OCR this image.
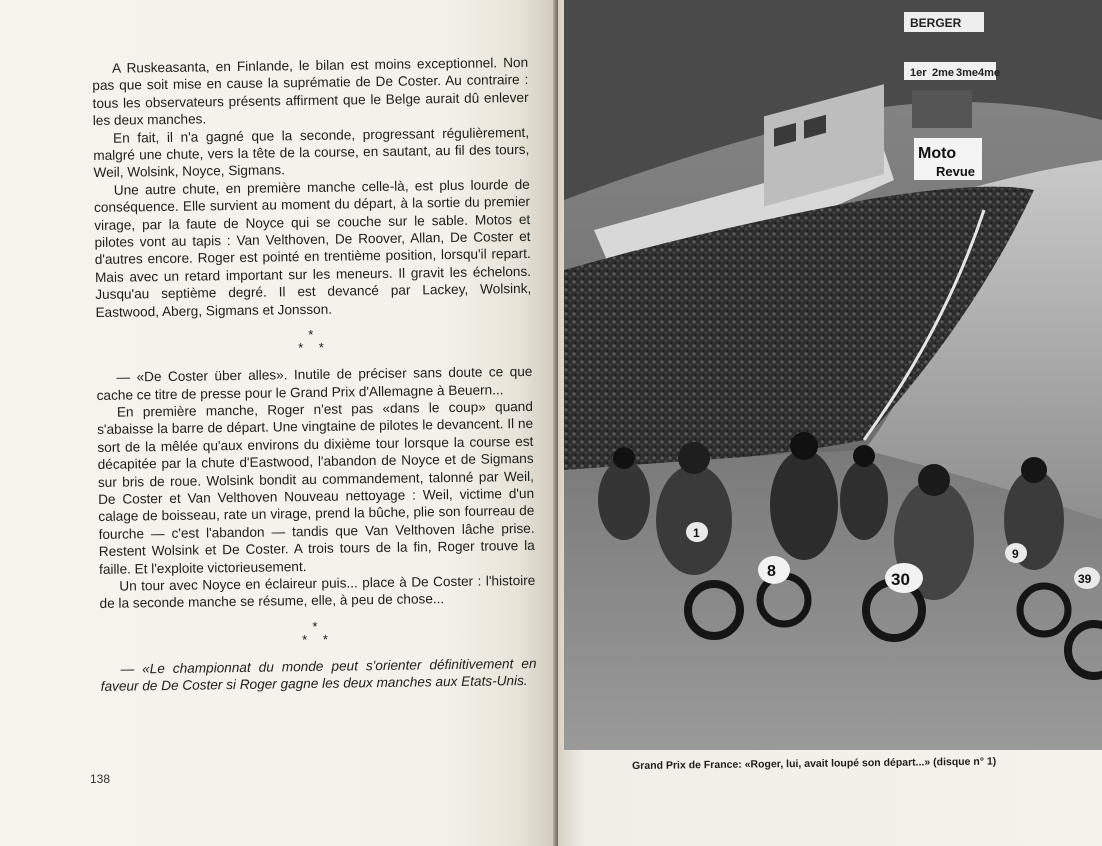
A Ruskeasanta, en Finlande, le bilan est moins exceptionnel. Non pas que soit mise en cause la suprématie de De Coster. Au contraire : tous les observateurs présents affirment que le Belge aurait dû enlever les deux manches.

En fait, il n'a gagné que la seconde, progressant régulièrement, malgré une chute, vers la tête de la course, en sautant, au fil des tours, Weil, Wolsink, Noyce, Sigmans.

Une autre chute, en première manche celle-là, est plus lourde de conséquence. Elle survient au moment du départ, à la sortie du premier virage, par la faute de Noyce qui se couche sur le sable. Motos et pilotes vont au tapis : Van Velthoven, De Roover, Allan, De Coster et d'autres encore. Roger est pointé en trentième position, lorsqu'il repart. Mais avec un retard important sur les meneurs. Il gravit les échelons. Jusqu'au septième degré. Il est devancé par Lackey, Wolsink, Eastwood, Aberg, Sigmans et Jonsson.

*
* *

— «De Coster über alles». Inutile de préciser sans doute ce que cache ce titre de presse pour le Grand Prix d'Allemagne à Beuern...

En première manche, Roger n'est pas «dans le coup» quand s'abaisse la barre de départ. Une vingtaine de pilotes le devancent. Il ne sort de la mêlée qu'aux environs du dixième tour lorsque la course est décapitée par la chute d'Eastwood, l'abandon de Noyce et de Sigmans sur bris de roue. Wolsink bondit au commandement, talonné par Weil, De Coster et Van Velthoven Nouveau nettoyage : Weil, victime d'un calage de boisseau, rate un virage, prend la bûche, plie son fourreau de fourche — c'est l'abandon — tandis que Van Velthoven lâche prise. Restent Wolsink et De Coster. A trois tours de la fin, Roger trouve la faille. Et l'exploite victorieusement.

Un tour avec Noyce en éclaireur puis... place à De Coster : l'histoire de la seconde manche se résume, elle, à peu de chose...

*
* *

— «Le championnat du monde peut s'orienter définitivement en faveur de De Coster si Roger gagne les deux manches aux Etats-Unis.

138
BERGER
1er 2me 3me 4me
Moto
Revue
8	30
1
9
39
Grand Prix de France: «Roger, lui, avait loupé son départ...» (disque n° 1)
